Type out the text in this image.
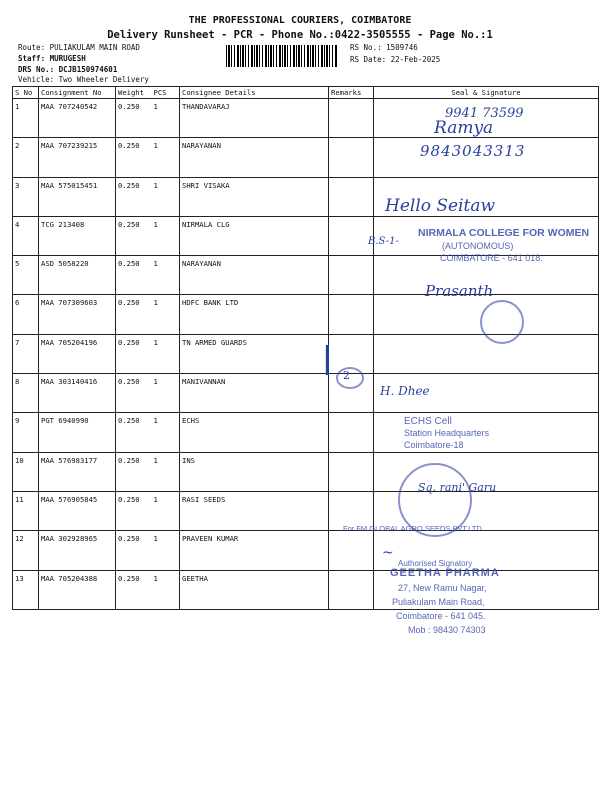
THE PROFESSIONAL COURIERS, COIMBATORE
Delivery Runsheet - PCR - Phone No.:0422-3505555 - Page No.:1
Route: PULIAKULAM MAIN ROAD
Staff: MURUGESH
DRS No.: DCJB150974601
Vehicle: Two Wheeler Delivery
RS No.: 1509746
RS Date: 22-Feb-2025
S No	Consignment No	Weight	PCS	Consignee Details	Remarks	Seal & Signature
1	MAA 707240542	0.250	1	THANDAVARAJ		
2	MAA 707239215	0.250	1	NARAYANAN		
3	MAA 575015451	0.250	1	SHRI VISAKA		
4	TCG 213408	0.250	1	NIRMALA CLG		
5	ASD 5058220	0.250	1	NARAYANAN		
6	MAA 707309603	0.250	1	HDFC BANK LTD		
7	MAA 705204196	0.250	1	TN ARMED GUARDS		
8	MAA 303140416	0.250	1	MANIVANNAN		
9	PGT 6940990	0.250	1	ECHS		
10	MAA 576983177	0.250	1	INS		
11	MAA 576905845	0.250	1	RASI SEEDS		
12	MAA 302928965	0.250	1	PRAVEEN KUMAR		
13	MAA 705204388	0.250	1	GEETHA		
9941 73599
Ramya
9843043313
Hello Seitaw
B.S-1-
NIRMALA COLLEGE FOR WOMEN
(AUTONOMOUS)
COIMBATORE - 641 018.
Prasanth
| 2
H. Dhee
ECHS Cell
Station Headquarters
Coimbatore-18
Sq. rani' Garu
For FM GLOBAL AGRO SEEDS PVT.LTD.
~
Authorised Signatory
GEETHA PHARMA
27, New Ramu Nagar,
Puliakulam Main Road,
Coimbatore - 641 045.
Mob : 98430 74303
